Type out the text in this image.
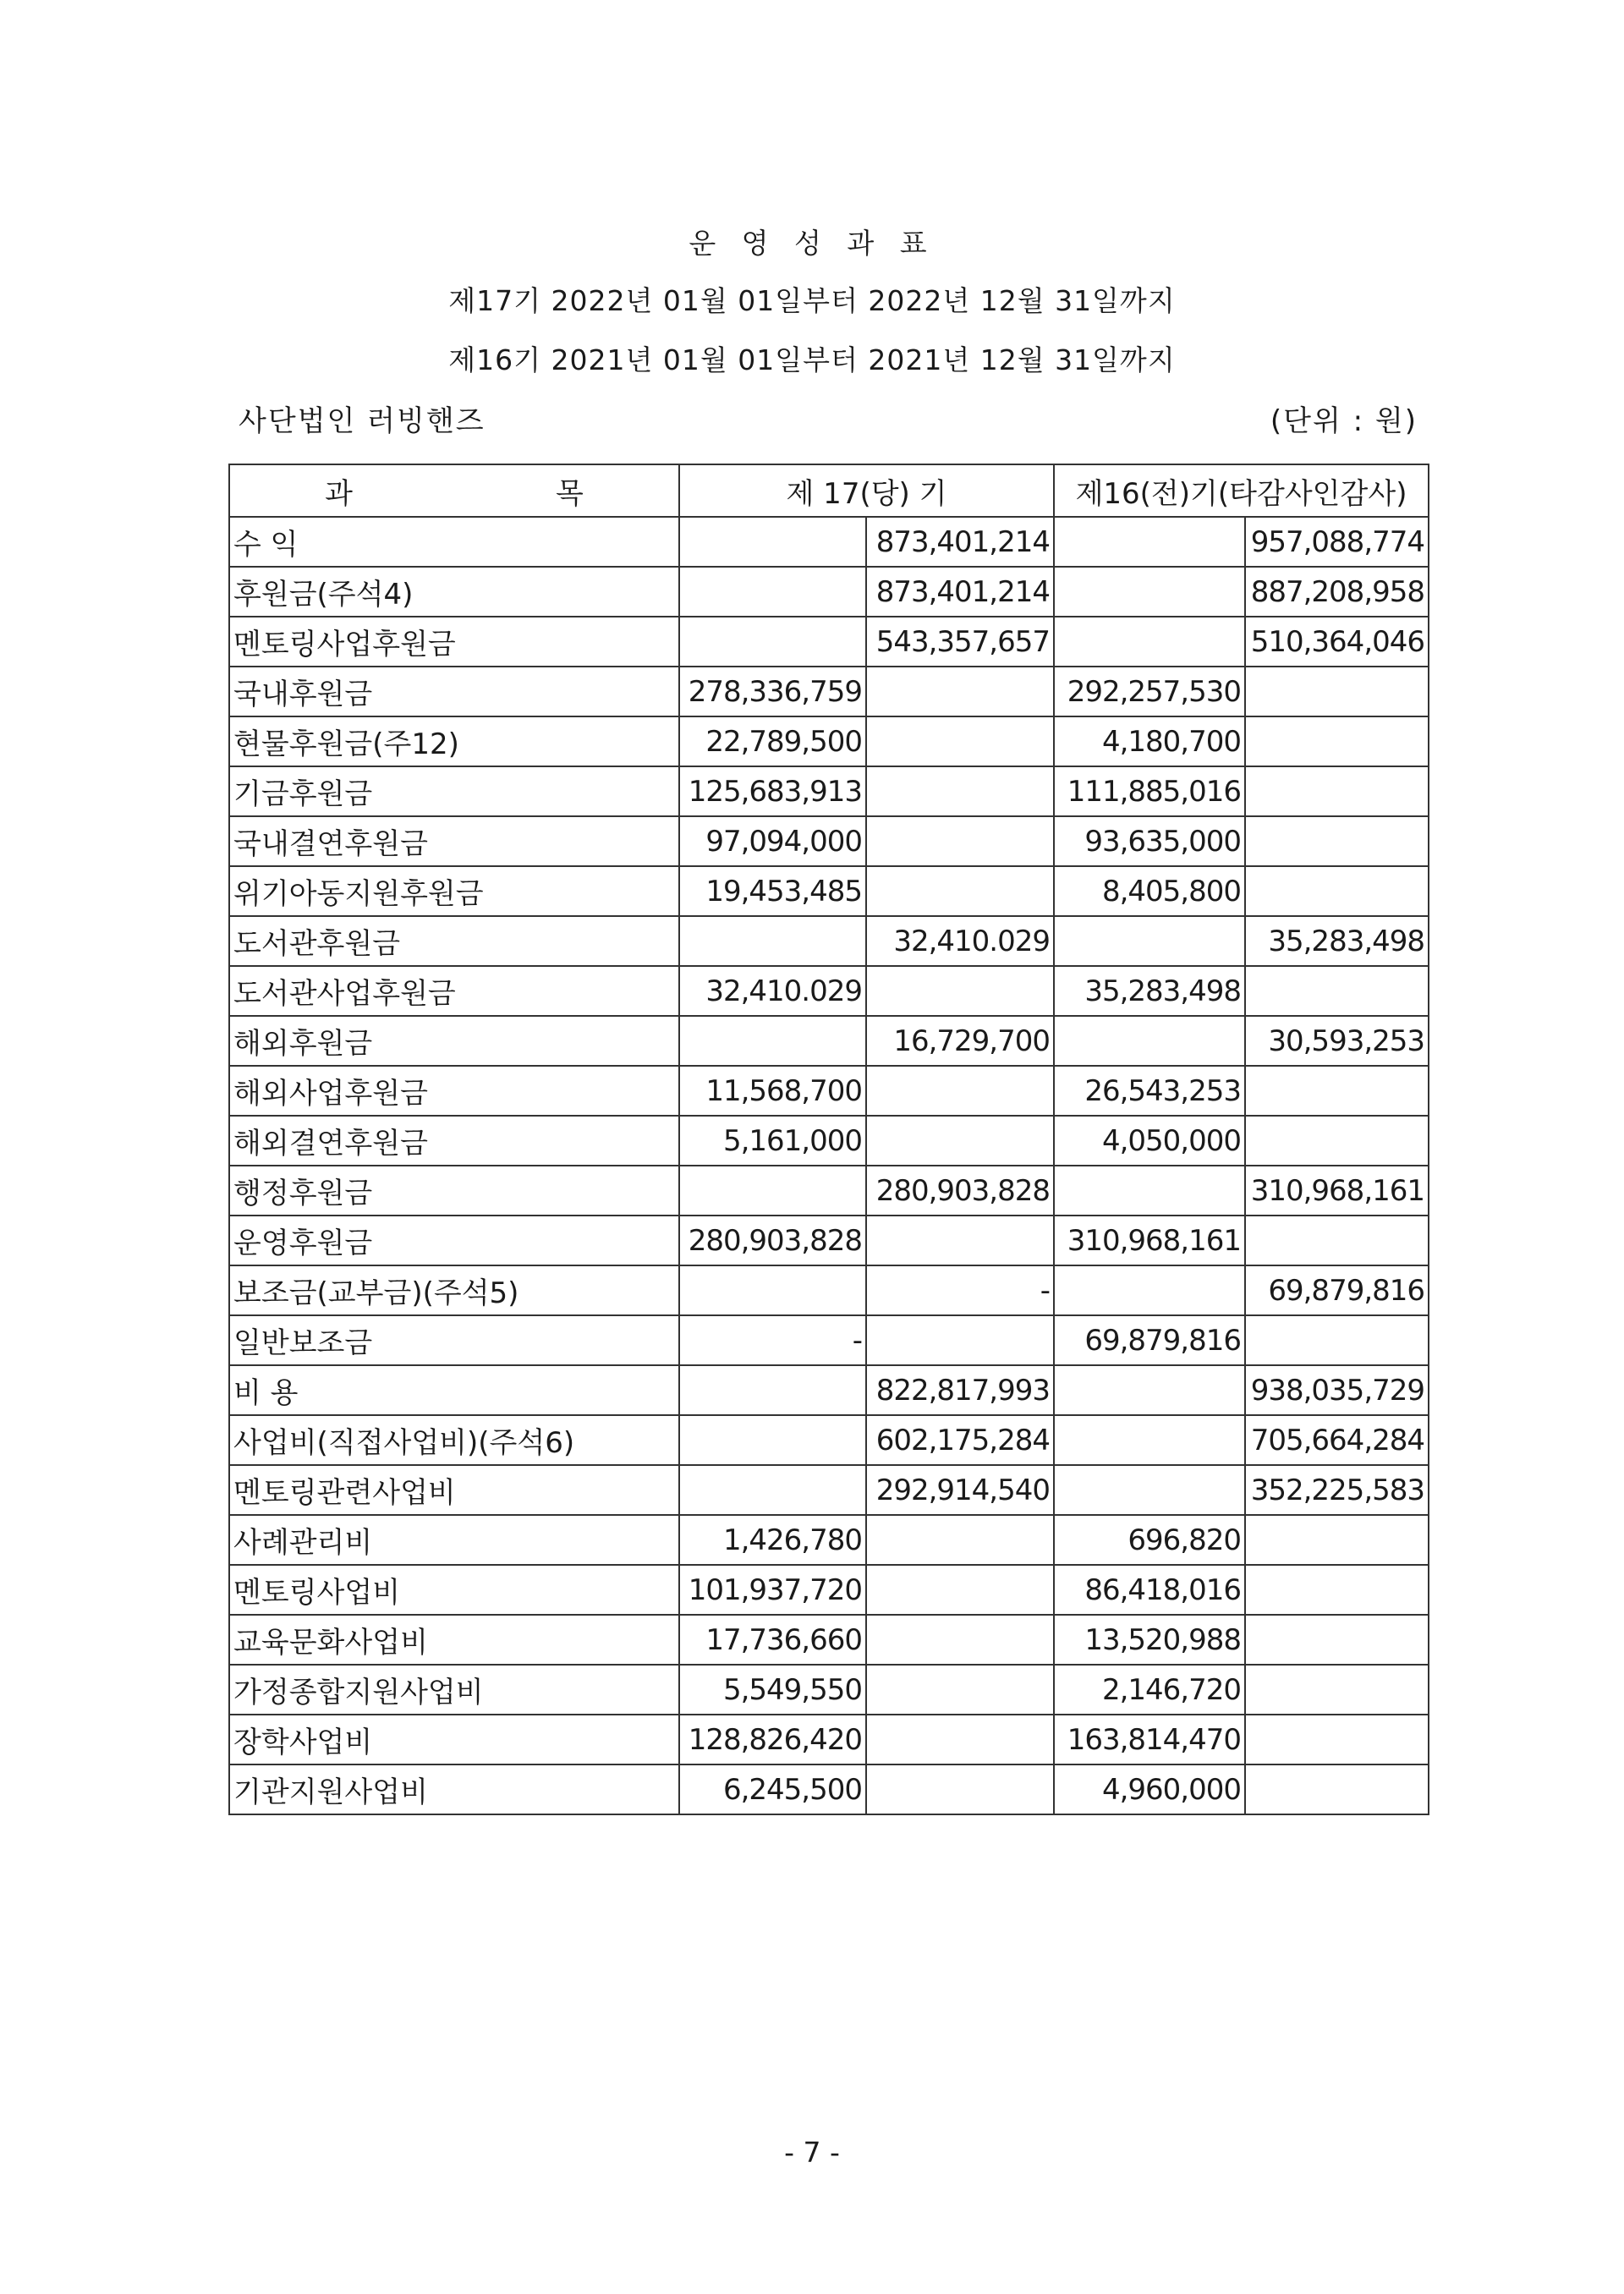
운 영 성 과 표
제17기 2022년 01월 01일부터 2022년 12월 31일까지
제16기 2021년 01월 01일부터 2021년 12월 31일까지
사단법인 러빙핸즈	(단위 : 원)
과 목	제 17(당) 기		제16(전)기(타감사인감사)	
수 익		873,401,214		957,088,774
후원금(주석4)		873,401,214		887,208,958
멘토링사업후원금		543,357,657		510,364,046
국내후원금	278,336,759		292,257,530	
현물후원금(주12)	22,789,500		4,180,700	
기금후원금	125,683,913		111,885,016	
국내결연후원금	97,094,000		93,635,000	
위기아동지원후원금	19,453,485		8,405,800	
도서관후원금		32,410.029		35,283,498
도서관사업후원금	32,410.029		35,283,498	
해외후원금		16,729,700		30,593,253
해외사업후원금	11,568,700		26,543,253	
해외결연후원금	5,161,000		4,050,000	
행정후원금		280,903,828		310,968,161
운영후원금	280,903,828		310,968,161	
보조금(교부금)(주석5)		-		69,879,816
일반보조금	-		69,879,816	
비 용		822,817,993		938,035,729
사업비(직접사업비)(주석6)		602,175,284		705,664,284
멘토링관련사업비		292,914,540		352,225,583
사례관리비	1,426,780		696,820	
멘토링사업비	101,937,720		86,418,016	
교육문화사업비	17,736,660		13,520,988	
가정종합지원사업비	5,549,550		2,146,720	
장학사업비	128,826,420		163,814,470	
기관지원사업비	6,245,500		4,960,000	
- 7 -
